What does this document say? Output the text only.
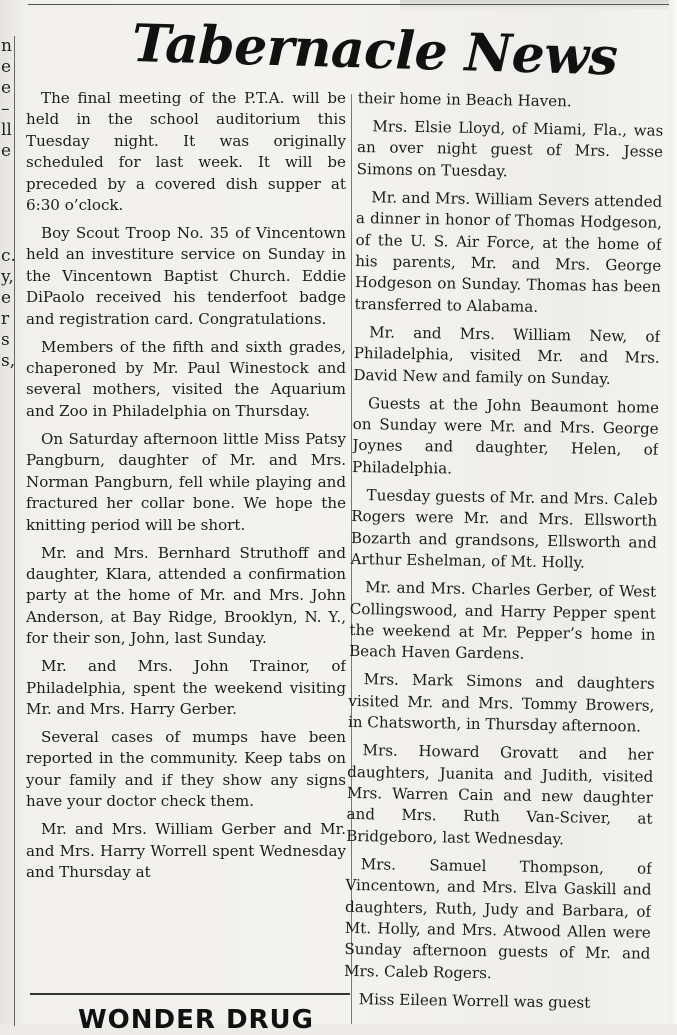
n
e
e
–
ll
e

c.
y,
e
r
s
s,
Tabernacle News

The final meeting of the P.T.A. will be held in the school auditorium this Tuesday night. It was originally scheduled for last week. It will be preceded by a covered dish supper at 6:30 o’clock.

Boy Scout Troop No. 35 of Vincentown held an investiture service on Sunday in the Vincentown Baptist Church. Eddie DiPaolo received his tenderfoot badge and registration card. Congratulations.

Members of the fifth and sixth grades, chaperoned by Mr. Paul Winestock and several mothers, visited the Aquarium and Zoo in Philadelphia on Thursday.

On Saturday afternoon little Miss Patsy Pangburn, daughter of Mr. and Mrs. Norman Pangburn, fell while playing and fractured her collar bone. We hope the knitting period will be short.

Mr. and Mrs. Bernhard Struthoff and daughter, Klara, attended a confirmation party at the home of Mr. and Mrs. John Anderson, at Bay Ridge, Brooklyn, N. Y., for their son, John, last Sunday.

Mr. and Mrs. John Trainor, of Philadelphia, spent the weekend visiting Mr. and Mrs. Harry Gerber.

Several cases of mumps have been reported in the community. Keep tabs on your family and if they show any signs have your doctor check them.

Mr. and Mrs. William Gerber and Mr. and Mrs. Harry Worrell spent Wednesday and Thursday at

their home in Beach Haven.

Mrs. Elsie Lloyd, of Miami, Fla., was an over night guest of Mrs. Jesse Simons on Tuesday.

Mr. and Mrs. William Severs attended a dinner in honor of Thomas Hodgeson, of the U. S. Air Force, at the home of his parents, Mr. and Mrs. George Hodgeson on Sunday. Thomas has been transferred to Alabama.

Mr. and Mrs. William New, of Philadelphia, visited Mr. and Mrs. David New and family on Sunday.

Guests at the John Beaumont home on Sunday were Mr. and Mrs. George Joynes and daughter, Helen, of Philadelphia.

Tuesday guests of Mr. and Mrs. Caleb Rogers were Mr. and Mrs. Ellsworth Bozarth and grandsons, Ellsworth and Arthur Eshelman, of Mt. Holly.

Mr. and Mrs. Charles Gerber, of West Collingswood, and Harry Pepper spent the weekend at Mr. Pepper’s home in Beach Haven Gardens.

Mrs. Mark Simons and daughters visited Mr. and Mrs. Tommy Browers, in Chatsworth, in Thursday afternoon.

Mrs. Howard Grovatt and her daughters, Juanita and Judith, visited Mrs. Warren Cain and new daughter and Mrs. Ruth Van-Sciver, at Bridgeboro, last Wednesday.

Mrs. Samuel Thompson, of Vincentown, and Mrs. Elva Gaskill and daughters, Ruth, Judy and Barbara, of Mt. Holly, and Mrs. Atwood Allen were Sunday afternoon guests of Mr. and Mrs. Caleb Rogers.

Miss Eileen Worrell was guest

WONDER DRUG
